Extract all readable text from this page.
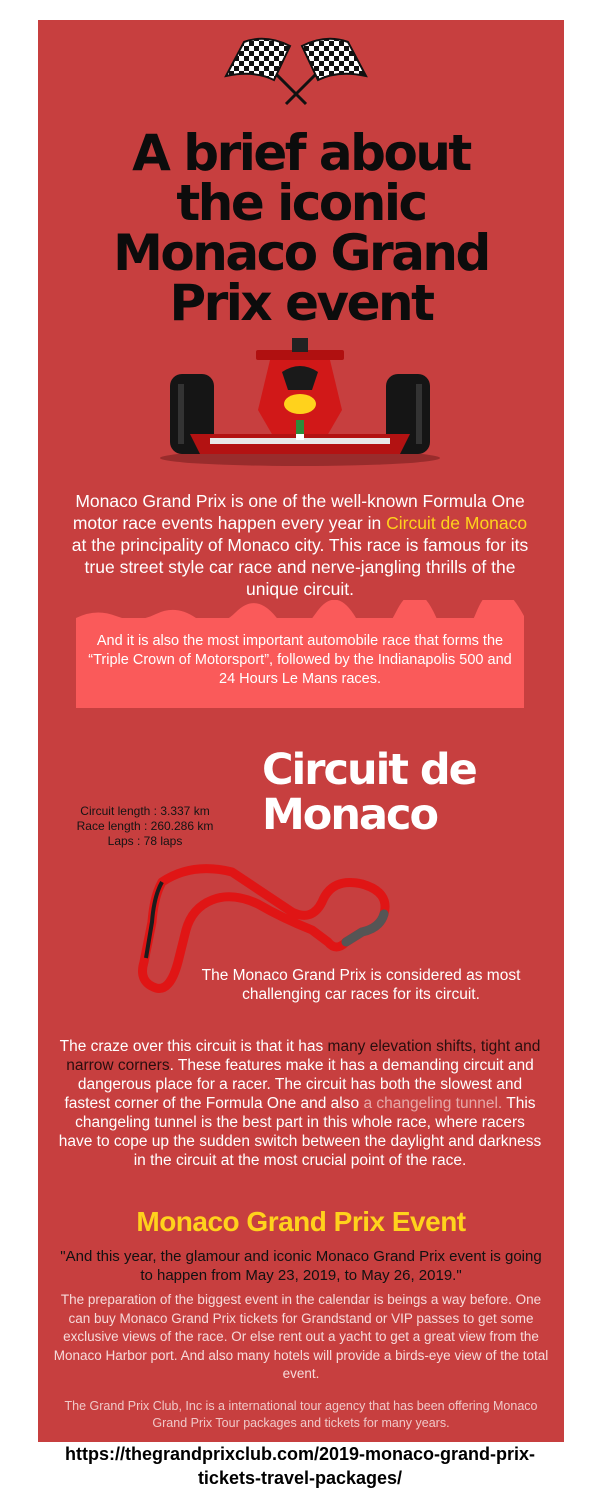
A brief about
the iconic
Monaco Grand
Prix event

Monaco Grand Prix is one of the well-known Formula One motor race events happen every year in Circuit de Monaco at the principality of Monaco city. This race is famous for its true street style car race and nerve-jangling thrills of the unique circuit.

And it is also the most important automobile race that forms the “Triple Crown of Motorsport”, followed by the Indianapolis 500 and 24 Hours Le Mans races.

Circuit de
Monaco
Circuit length : 3.337 km
Race length : 260.286 km
Laps : 78 laps

The Monaco Grand Prix is considered as most challenging car races for its circuit.

The craze over this circuit is that it has many elevation shifts, tight and narrow corners. These features make it has a demanding circuit and dangerous place for a racer. The circuit has both the slowest and fastest corner of the Formula One and also a changeling tunnel. This changeling tunnel is the best part in this whole race, where racers have to cope up the sudden switch between the daylight and darkness in the circuit at the most crucial point of the race.

Monaco Grand Prix Event

"And this year, the glamour and iconic Monaco Grand Prix event is going to happen from May 23, 2019, to May 26, 2019."

The preparation of the biggest event in the calendar is beings a way before. One can buy Monaco Grand Prix tickets for Grandstand or VIP passes to get some exclusive views of the race. Or else rent out a yacht to get a great view from the Monaco Harbor port. And also many hotels will provide a birds-eye view of the total event.

The Grand Prix Club, Inc is a international tour agency that has been offering Monaco Grand Prix Tour packages and tickets for many years.

https://thegrandprixclub.com/2019-monaco-grand-prix-
tickets-travel-packages/
